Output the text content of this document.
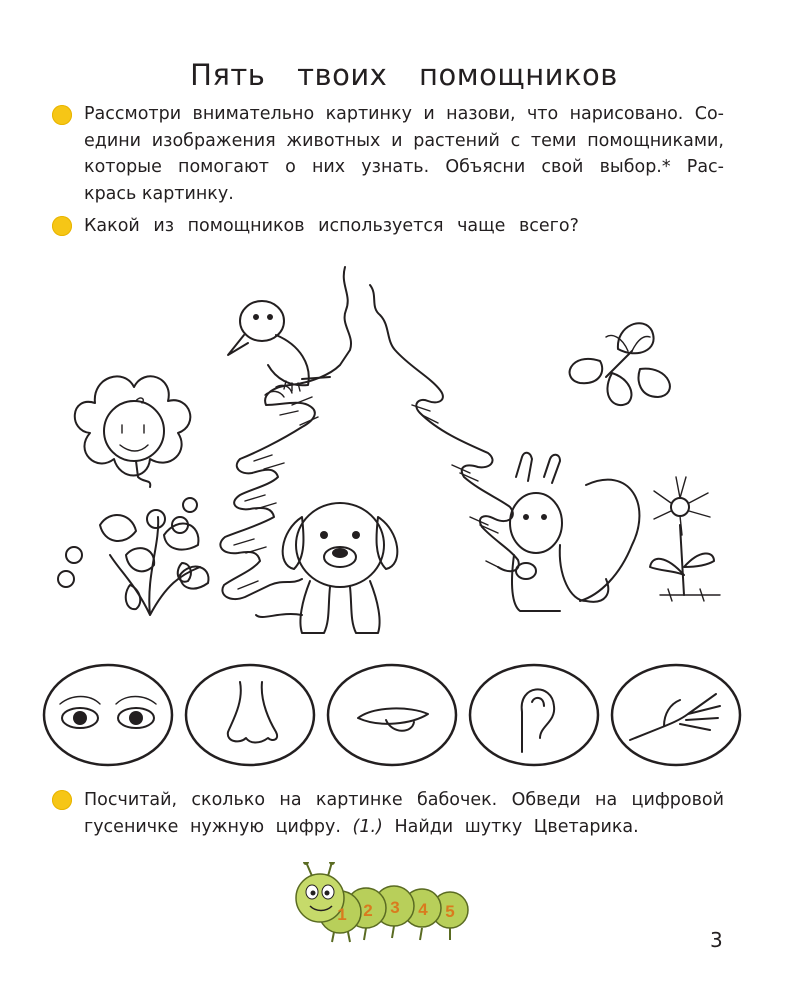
Пять твоих помощников
Рассмотри внимательно картинку и назови, что нарисовано. Со-
едини изображения животных и растений с теми помощниками,
которые помогают о них узнать. Объясни свой выбор.* Рас-
крась картинку.
Какой из помощников используется чаще всего?
Посчитай, сколько на картинке бабочек. Обведи на цифровой
гусеничке нужную цифру. (1.) Найди шутку Цветарика.
1 2 3 4 5
3
